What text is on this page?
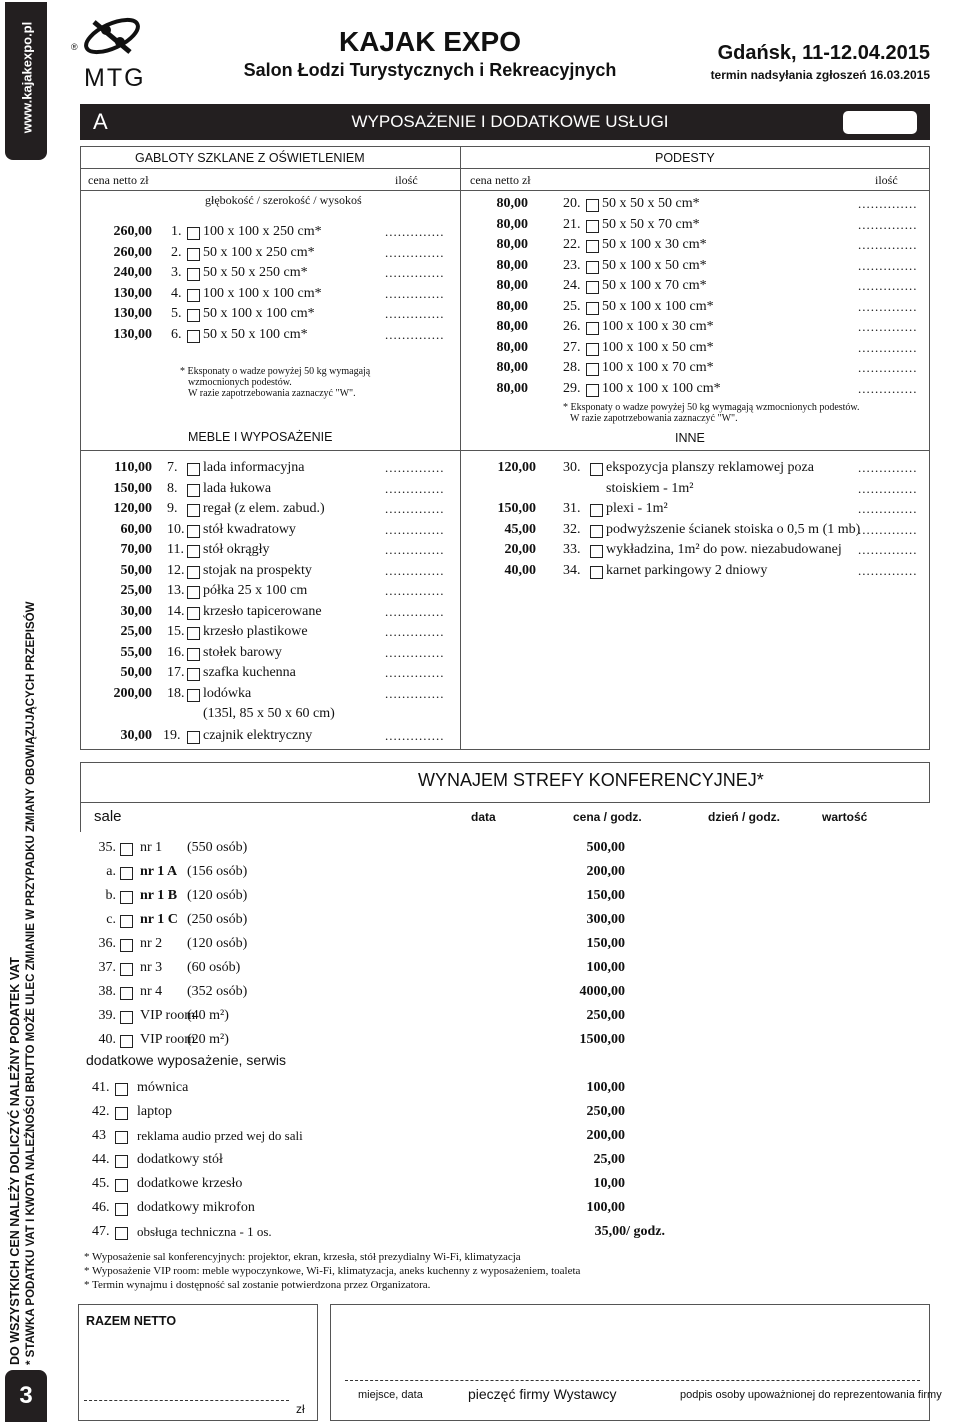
www.kajakexpo.pl
DO WSZYSTKICH CEN NALEŻY DOLICZYĆ NALEŻNY PODATEK VAT * STAWKA PODATKU VAT I KWOTA NALEŻNOŚCI BRUTTO MOŻE ULEC ZMIANIE W PRZYPADKU ZMIANY OBOWIĄZUJĄCYCH PRZEPISÓW
3
®
MTG
KAJAK EXPO
Salon Łodzi Turystycznych i Rekreacyjnych
Gdańsk, 11-12.04.2015
termin nadsyłania zgłoszeń 16.03.2015
A	WYPOSAŻENIE I DODATKOWE USŁUGI
GABLOTY SZKLANE Z OŚWIETLENIEM	PODESTY
cena netto zł	ilość	cena netto zł	ilość
głębokość / szerokość / wysokoś
260,00 1. 100 x 100 x 250 cm*	..............
260,00 2. 50 x 100 x 250 cm*	..............
240,00 3. 50 x 50 x 250 cm*	..............
130,00 4. 100 x 100 x 100 cm*	..............
130,00 5. 50 x 100 x 100 cm*	..............
130,00 6. 50 x 50 x 100 cm*	..............
* Eksponaty o wadze powyżej 50 kg wymagają
wzmocnionych podestów.
W razie zapotrzebowania zaznaczyć "W".
80,00	20. 50 x 50 x 50 cm*	..............
80,00	21. 50 x 50 x 70 cm*	..............
80,00	22. 50 x 100 x 30 cm*	..............
80,00	23. 50 x 100 x 50 cm*	..............
80,00	24. 50 x 100 x 70 cm*	..............
80,00	25. 50 x 100 x 100 cm*	..............
80,00	26. 100 x 100 x 30 cm*	..............
80,00	27. 100 x 100 x 50 cm*	..............
80,00	28. 100 x 100 x 70 cm*	..............
80,00	29. 100 x 100 x 100 cm*	..............
* Eksponaty o wadze powyżej 50 kg wymagają wzmocnionych podestów.
W razie zapotrzebowania zaznaczyć "W".
MEBLE I WYPOSAŻENIE	INNE
110,00 7. lada informacyjna	..............
150,00 8. lada łukowa	..............
120,00 9. regał (z elem. zabud.)	..............
60,00 10. stół kwadratowy	..............
70,00 11. stół okrągły	..............
50,00 12. stojak na prospekty	..............
25,00 13. półka 25 x 100 cm	..............
30,00 14. krzesło tapicerowane	..............
25,00 15. krzesło plastikowe	..............
55,00 16. stołek barowy	..............
50,00 17. szafka kuchenna	..............
200,00 18. lodówka	..............
30,00 19. czajnik elektryczny	..............
(135l, 85 x 50 x 60 cm)
120,00 30. ekspozycja planszy reklamowej poza	..............
stoiskiem - 1m²	..............
150,00 31. plexi - 1m²	..............
45,00 32. podwyższenie ścianek stoiska o 0,5 m (1 mb)
..............
20,00 33. wykładzina, 1m² do pow. niezabudowanej ..............
40,00 34. karnet parkingowy 2 dniowy	..............
WYNAJEM STREFY KONFERENCYJNEJ*
sale	data	cena / godz.	dzień / godz.	wartość
35. nr 1 (550 osób)	500,00
a. nr 1 A (156 osób)	200,00
b. nr 1 B (120 osób)	150,00
c. nr 1 C (250 osób)	300,00
36. nr 2 (120 osób)	150,00
37. nr 3 (60 osób)	100,00
38. nr 4 (352 osób)	4000,00
39. VIP room
(40 m²)	250,00
40. VIP room
(20 m²)	1500,00
dodatkowe wyposażenie, serwis
41. mównica	100,00
42. laptop	250,00
43 reklama audio przed wej do sali	200,00
44. dodatkowy stół	25,00
45. dodatkowe krzesło	10,00
46. dodatkowy mikrofon	100,00
47. obsługa techniczna - 1 os.	35,00/ godz.
* Wyposażenie sal konferencyjnych: projektor, ekran, krzesła, stół prezydialny Wi-Fi, klimatyzacja
* Wyposażenie VIP room: meble wypoczynkowe, Wi-Fi, klimatyzacja, aneks kuchenny z wyposażeniem, toaleta
* Termin wynajmu i dostępność sal zostanie potwierdzona przez Organizatora.
RAZEM NETTO
zł
miejsce, data	pieczęć firmy Wystawcy	podpis osoby upoważnionej do reprezentowania firmy
